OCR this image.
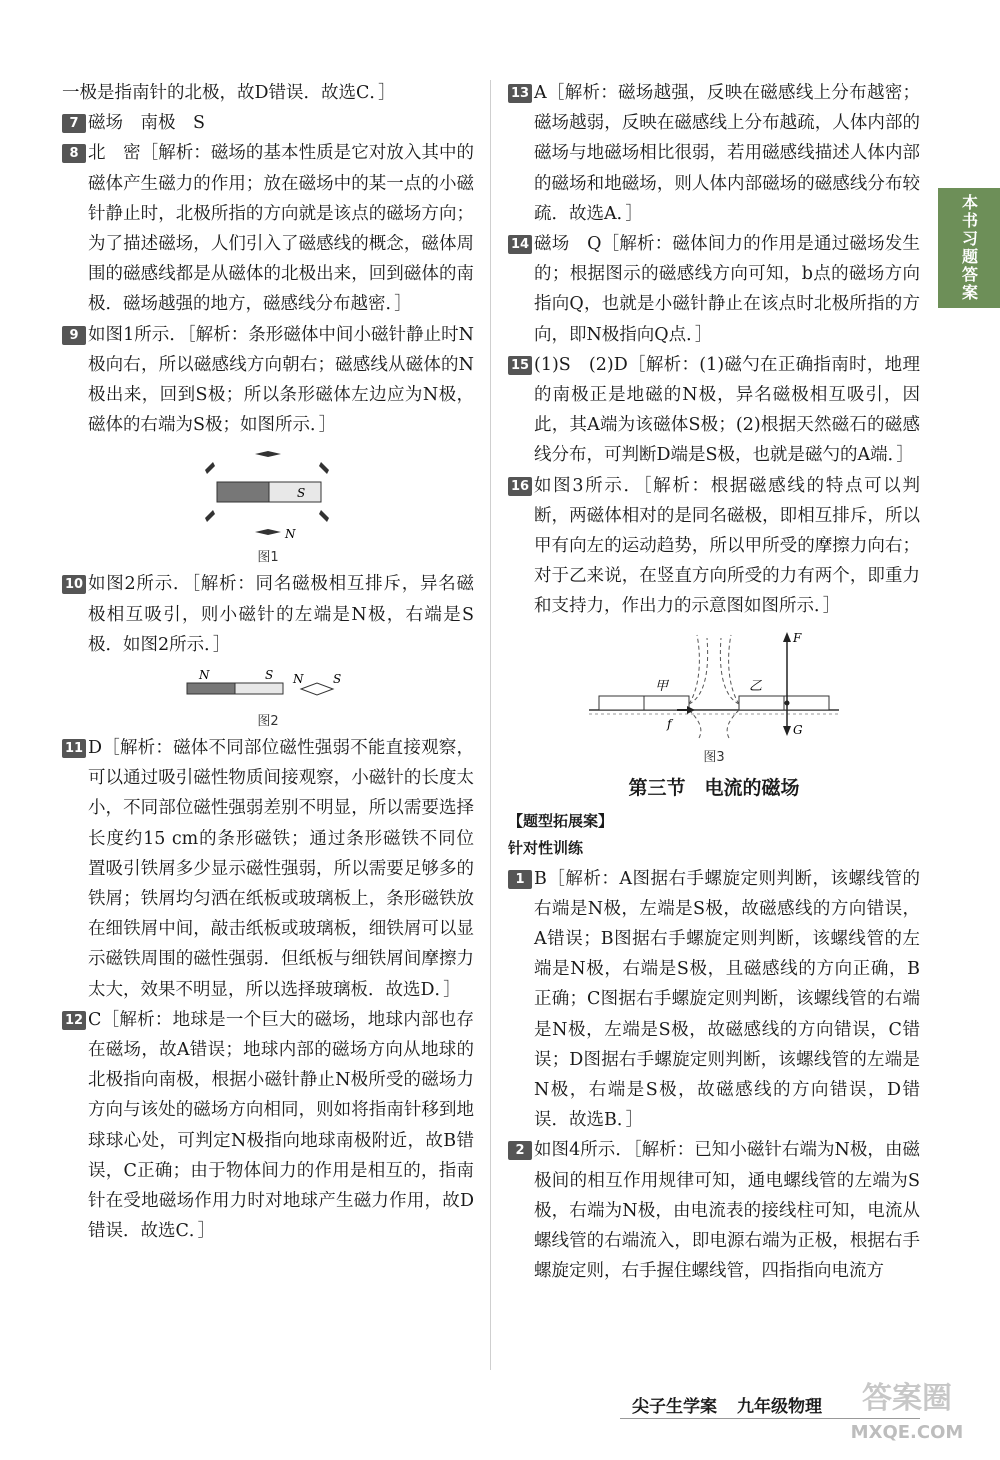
本书习题答案

一极是指南针的北极，故D错误．故选C．］

7 磁场　南极　S

8 北　密［解析：磁场的基本性质是它对放入其中的磁体产生磁力的作用；放在磁场中的某一点的小磁针静止时，北极所指的方向就是该点的磁场方向；为了描述磁场，人们引入了磁感线的概念，磁体周围的磁感线都是从磁体的北极出来，回到磁体的南极．磁场越强的地方，磁感线分布越密．］

9 如图1所示．［解析：条形磁体中间小磁针静止时N极向右，所以磁感线方向朝右；磁感线从磁体的N极出来，回到S极；所以条形磁体左边应为N极，磁体的右端为S极；如图所示．］

S
N

图1

10 如图2所示．［解析：同名磁极相互排斥，异名磁极相互吸引，则小磁针的左端是N极，右端是S极．如图2所示．］

N	S N S

图2

11 D［解析：磁体不同部位磁性强弱不能直接观察，可以通过吸引磁性物质间接观察，小磁针的长度太小，不同部位磁性强弱差别不明显，所以需要选择长度约15 cm的条形磁铁；通过条形磁铁不同位置吸引铁屑多少显示磁性强弱，所以需要足够多的铁屑；铁屑均匀洒在纸板或玻璃板上，条形磁铁放在细铁屑中间，敲击纸板或玻璃板，细铁屑可以显示磁铁周围的磁性强弱．但纸板与细铁屑间摩擦力太大，效果不明显，所以选择玻璃板．故选D．］

12 C［解析：地球是一个巨大的磁场，地球内部也存在磁场，故A错误；地球内部的磁场方向从地球的北极指向南极，根据小磁针静止N极所受的磁场力方向与该处的磁场方向相同，则如将指南针移到地球球心处，可判定N极指向地球南极附近，故B错误，C正确；由于物体间力的作用是相互的，指南针在受地磁场作用力时对地球产生磁力作用，故D错误．故选C．］

13 A［解析：磁场越强，反映在磁感线上分布越密；磁场越弱，反映在磁感线上分布越疏，人体内部的磁场与地磁场相比很弱，若用磁感线描述人体内部的磁场和地磁场，则人体内部磁场的磁感线分布较疏．故选A．］

14 磁场　Q［解析：磁体间力的作用是通过磁场发生的；根据图示的磁感线方向可知，b点的磁场方向指向Q，也就是小磁针静止在该点时北极所指的方向，即N极指向Q点．］

15 (1)S　(2)D［解析：(1)磁勺在正确指南时，地理的南极正是地磁的N极，异名磁极相互吸引，因此，其A端为该磁体S极；(2)根据天然磁石的磁感线分布，可判断D端是S极，也就是磁勺的A端．］

16 如图3所示．［解析：根据磁感线的特点可以判断，两磁体相对的是同名磁极，即相互排斥，所以甲有向左的运动趋势，所以甲所受的摩擦力向右；对于乙来说，在竖直方向所受的力有两个，即重力和支持力，作出力的示意图如图所示．］

甲	乙
F
G
f

图3

第三节　电流的磁场
【题型拓展案】
针对性训练
1 B［解析：A图据右手螺旋定则判断，该螺线管的右端是N极，左端是S极，故磁感线的方向错误，A错误；B图据右手螺旋定则判断，该螺线管的左端是N极，右端是S极，且磁感线的方向正确，B正确；C图据右手螺旋定则判断，该螺线管的右端是N极，左端是S极，故磁感线的方向错误，C错误；D图据右手螺旋定则判断，该螺线管的左端是N极，右端是S极，故磁感线的方向错误，D错误．故选B．］

2 如图4所示．［解析：已知小磁针右端为N极，由磁极间的相互作用规律可知，通电螺线管的左端为S极，右端为N极，由电流表的接线柱可知，电流从螺线管的右端流入，即电源右端为正极，根据右手螺旋定则，右手握住螺线管，四指指向电流方

尖子生学案 九年级物理	答案圈
MXQE.COM
